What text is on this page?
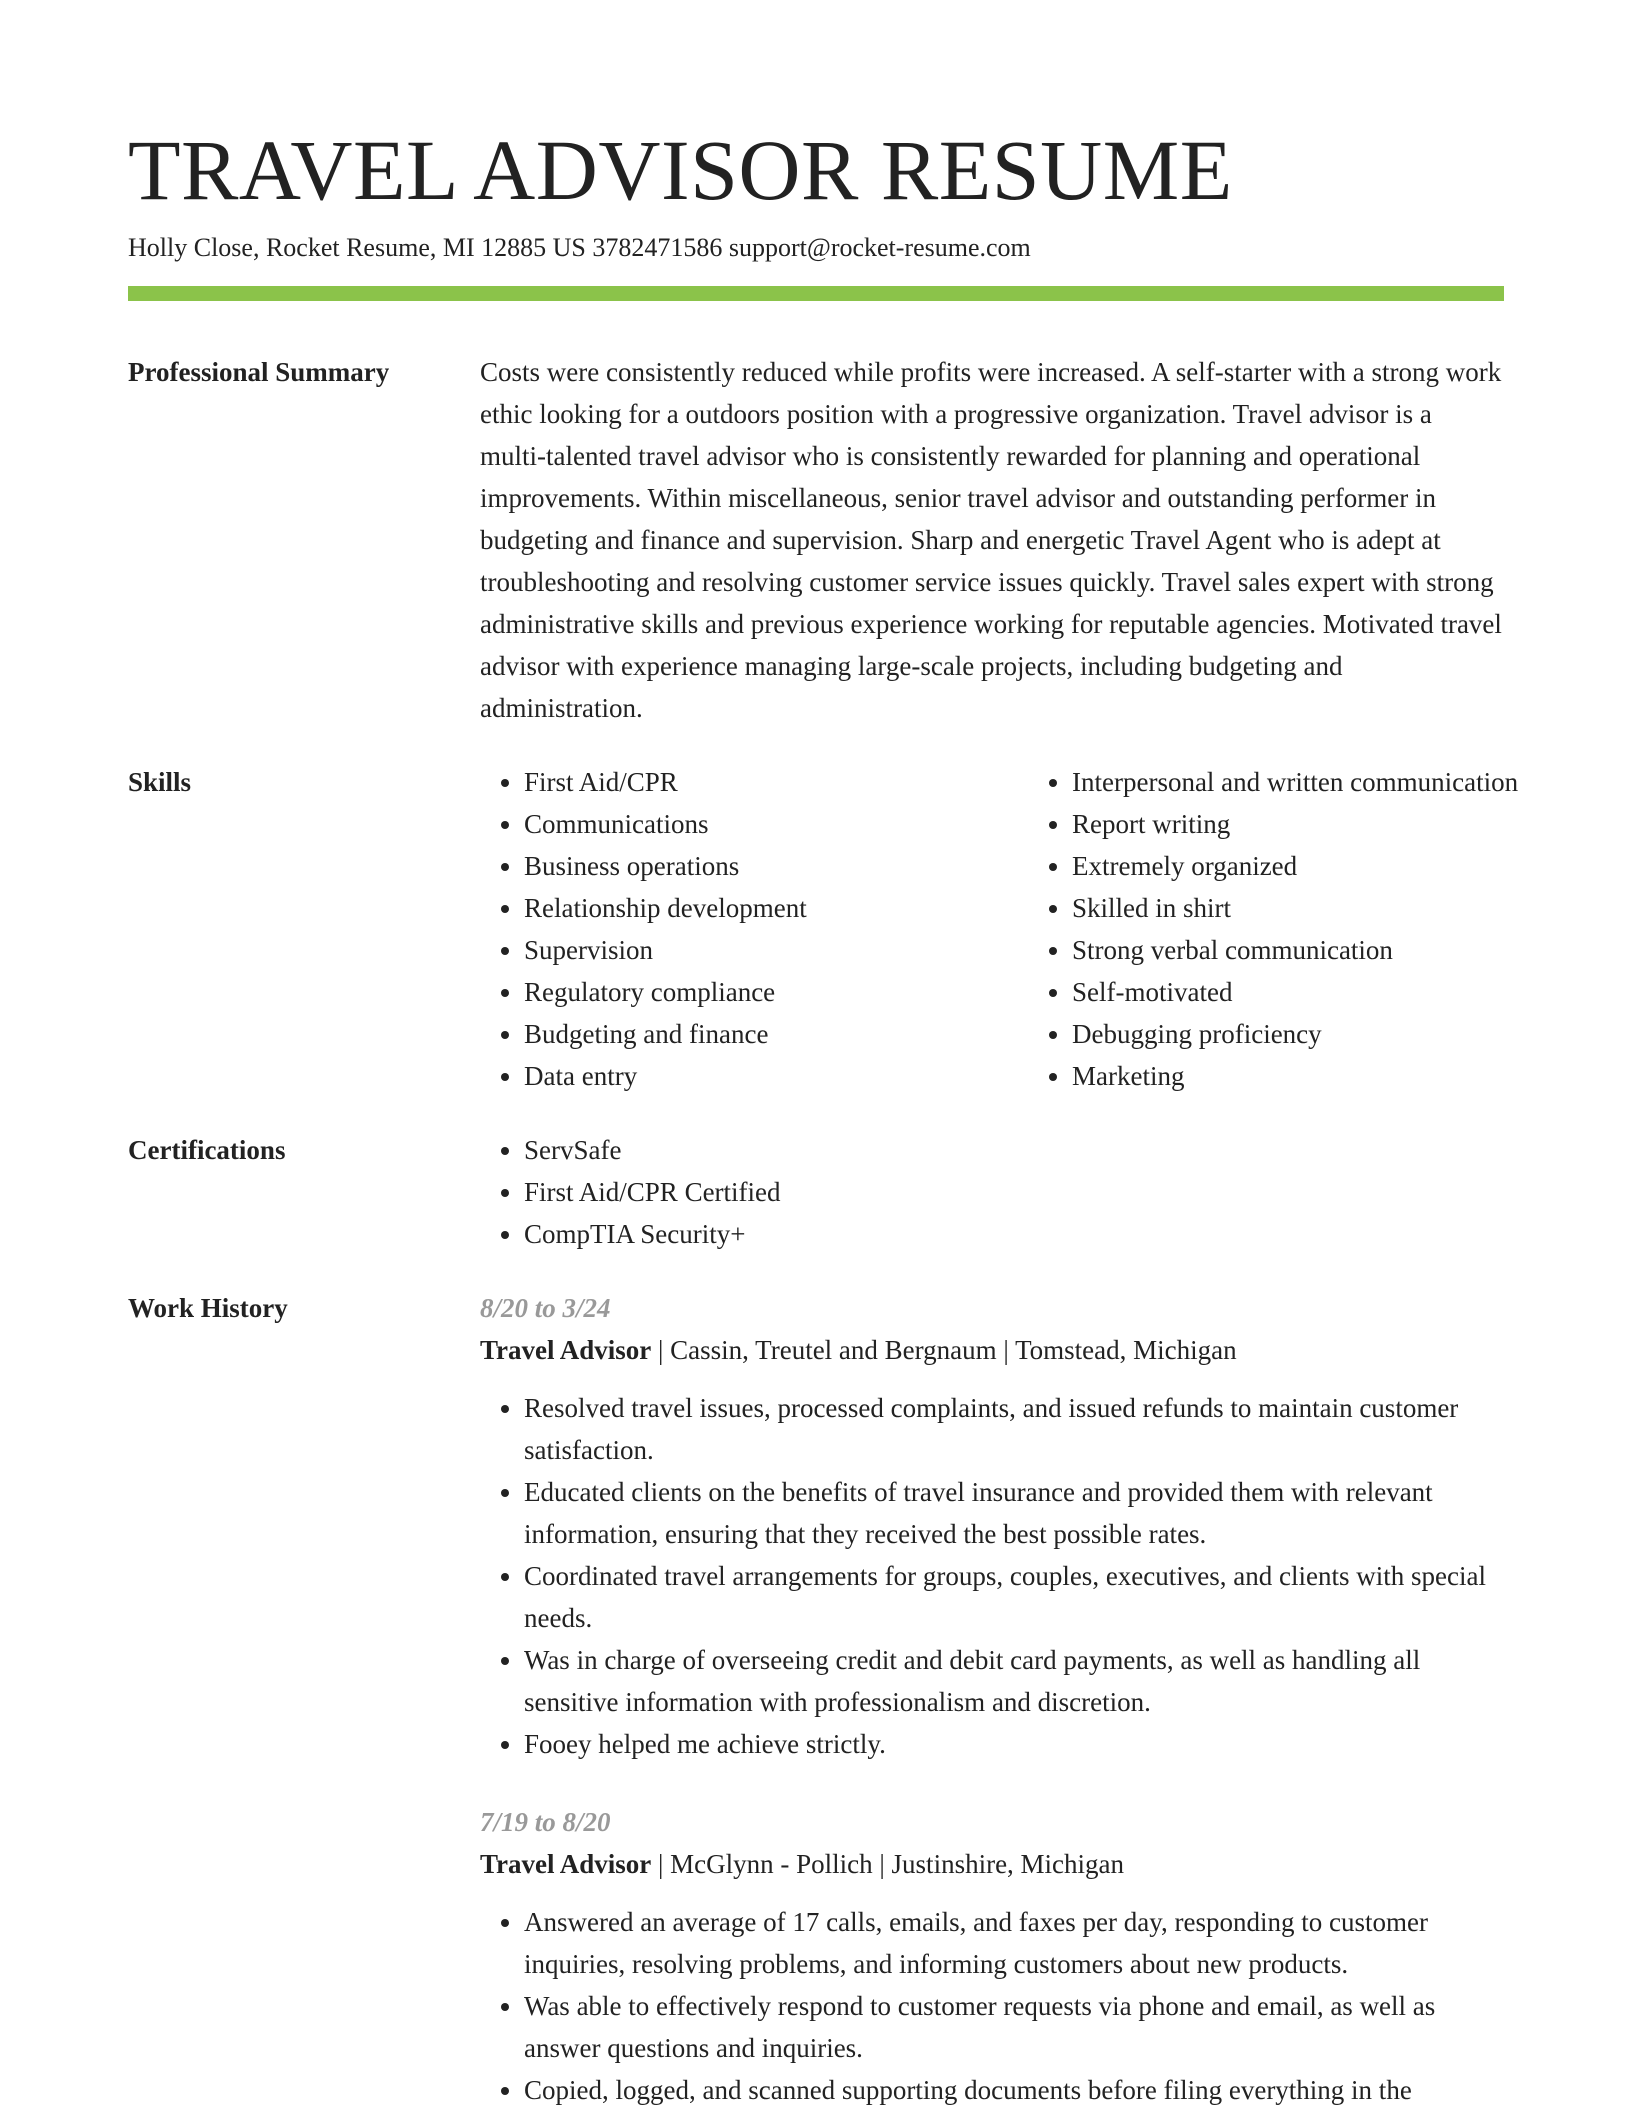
TRAVEL ADVISOR RESUME
Holly Close, Rocket Resume, MI 12885 US 3782471586 support@rocket-resume.com
Professional Summary	Costs were consistently reduced while profits were increased. A self-starter with a strong work ethic looking for a outdoors position with a progressive organization. Travel advisor is a multi-talented travel advisor who is consistently rewarded for planning and operational improvements. Within miscellaneous, senior travel advisor and outstanding performer in budgeting and finance and supervision. Sharp and energetic Travel Agent who is adept at troubleshooting and resolving customer service issues quickly. Travel sales expert with strong administrative skills and previous experience working for reputable agencies. Motivated travel advisor with experience managing large-scale projects, including budgeting and administration.
Skills	• First Aid/CPR
• Communications
• Business operations
• Relationship development
• Supervision
• Regulatory compliance
• Budgeting and finance
• Data entry
• Interpersonal and written communication
• Report writing
• Extremely organized
• Skilled in shirt
• Strong verbal communication
• Self-motivated
• Debugging proficiency
• Marketing
Certifications	• ServSafe
• First Aid/CPR Certified
• CompTIA Security+
Work History	8/20 to 3/24
Travel Advisor | Cassin, Treutel and Bergnaum | Tomstead, Michigan
• Resolved travel issues, processed complaints, and issued refunds to maintain customer satisfaction.
• Educated clients on the benefits of travel insurance and provided them with relevant information, ensuring that they received the best possible rates.
• Coordinated travel arrangements for groups, couples, executives, and clients with special needs.
• Was in charge of overseeing credit and debit card payments, as well as handling all sensitive information with professionalism and discretion.
• Fooey helped me achieve strictly.
7/19 to 8/20
Travel Advisor | McGlynn - Pollich | Justinshire, Michigan
• Answered an average of 17 calls, emails, and faxes per day, responding to customer inquiries, resolving problems, and informing customers about new products.
• Was able to effectively respond to customer requests via phone and email, as well as answer questions and inquiries.
• Copied, logged, and scanned supporting documents before filing everything in the
